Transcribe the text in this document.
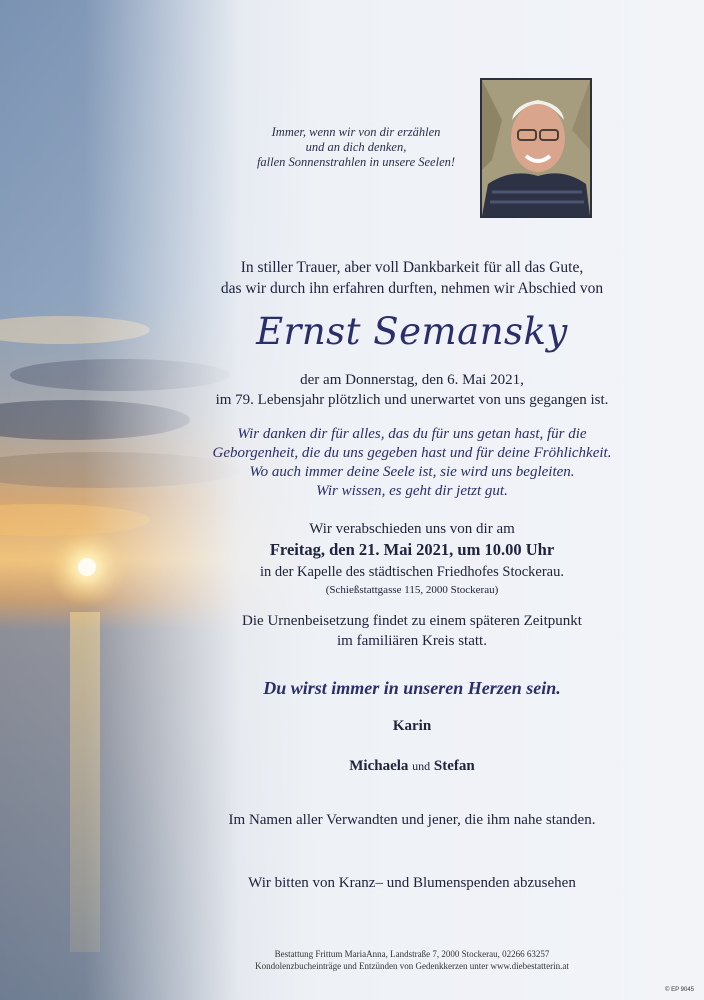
Immer, wenn wir von dir erzählen
und an dich denken,
fallen Sonnenstrahlen in unsere Seelen!
In stiller Trauer, aber voll Dankbarkeit für all das Gute,
das wir durch ihn erfahren durften, nehmen wir Abschied von
Ernst Semansky
der am Donnerstag, den 6. Mai 2021,
im 79. Lebensjahr plötzlich und unerwartet von uns gegangen ist.
Wir danken dir für alles, das du für uns getan hast, für die
Geborgenheit, die du uns gegeben hast und für deine Fröhlichkeit.
Wo auch immer deine Seele ist, sie wird uns begleiten.
Wir wissen, es geht dir jetzt gut.
Wir verabschieden uns von dir am
Freitag, den 21. Mai 2021, um 10.00 Uhr
in der Kapelle des städtischen Friedhofes Stockerau.
(Schießstattgasse 115, 2000 Stockerau)
Die Urnenbeisetzung findet zu einem späteren Zeitpunkt
im familiären Kreis statt.
Du wirst immer in unseren Herzen sein.
Karin
Michaela und Stefan
Im Namen aller Verwandten und jener, die ihm nahe standen.
Wir bitten von Kranz– und Blumenspenden abzusehen
Bestattung Frittum MariaAnna, Landstraße 7, 2000 Stockerau, 02266 63257
Kondolenzbucheinträge und Entzünden von Gedenkkerzen unter www.diebestatterin.at
© EP 9045
